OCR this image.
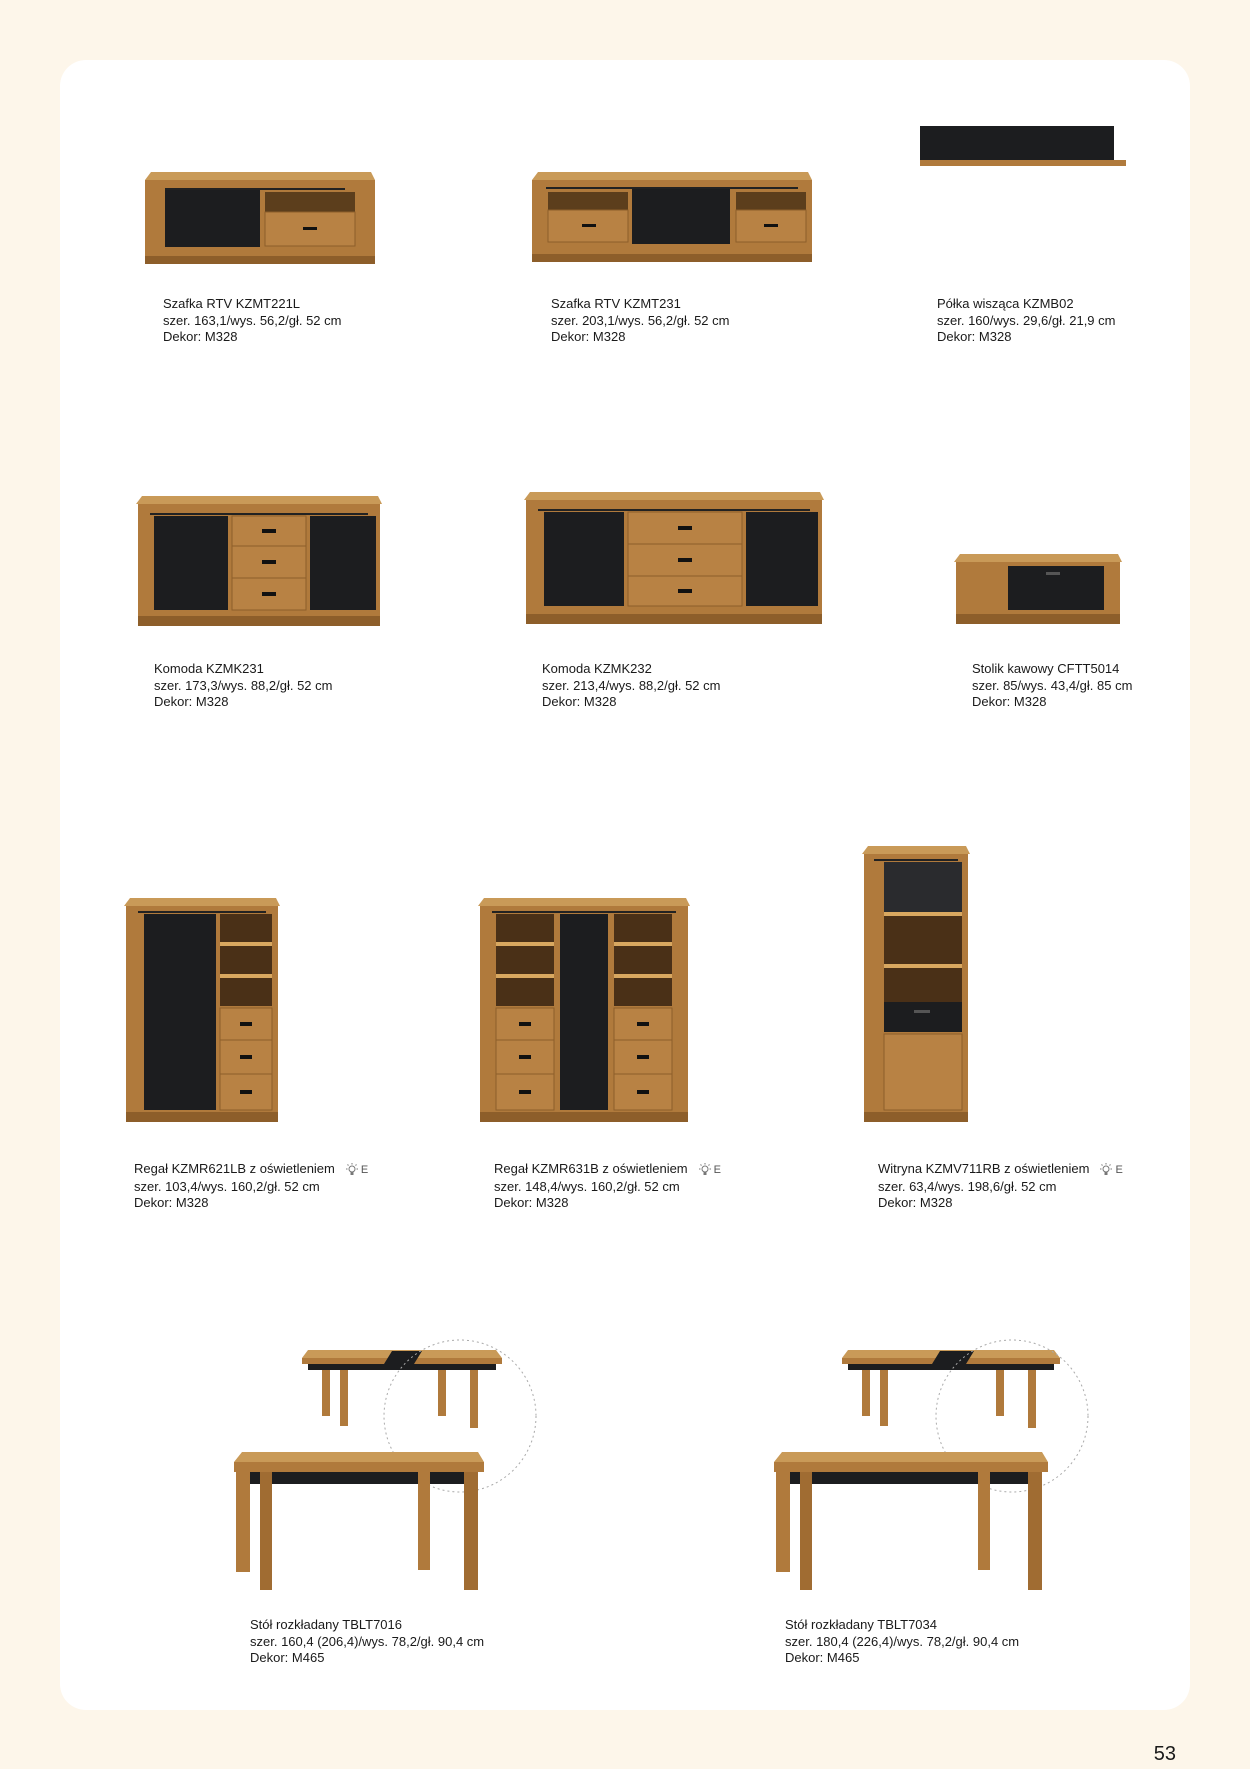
Szafka RTV KZMT221L
szer. 163,1/wys. 56,2/gł. 52 cm
Dekor: M328
Szafka RTV KZMT231
szer. 203,1/wys. 56,2/gł. 52 cm
Dekor: M328
Półka wisząca KZMB02
szer. 160/wys. 29,6/gł. 21,9 cm
Dekor: M328
Komoda KZMK231
szer. 173,3/wys. 88,2/gł. 52 cm
Dekor: M328
Komoda KZMK232
szer. 213,4/wys. 88,2/gł. 52 cm
Dekor: M328
Stolik kawowy CFTT5014
szer. 85/wys. 43,4/gł. 85 cm
Dekor: M328
Regał KZMR621LB z oświetleniem E
szer. 103,4/wys. 160,2/gł. 52 cm
Dekor: M328
Regał KZMR631B z oświetleniem E
szer. 148,4/wys. 160,2/gł. 52 cm
Dekor: M328
Witryna KZMV711RB z oświetleniem E
szer. 63,4/wys. 198,6/gł. 52 cm
Dekor: M328
Stół rozkładany TBLT7016
szer. 160,4 (206,4)/wys. 78,2/gł. 90,4 cm
Dekor: M465
Stół rozkładany TBLT7034
szer. 180,4 (226,4)/wys. 78,2/gł. 90,4 cm
Dekor: M465
53
